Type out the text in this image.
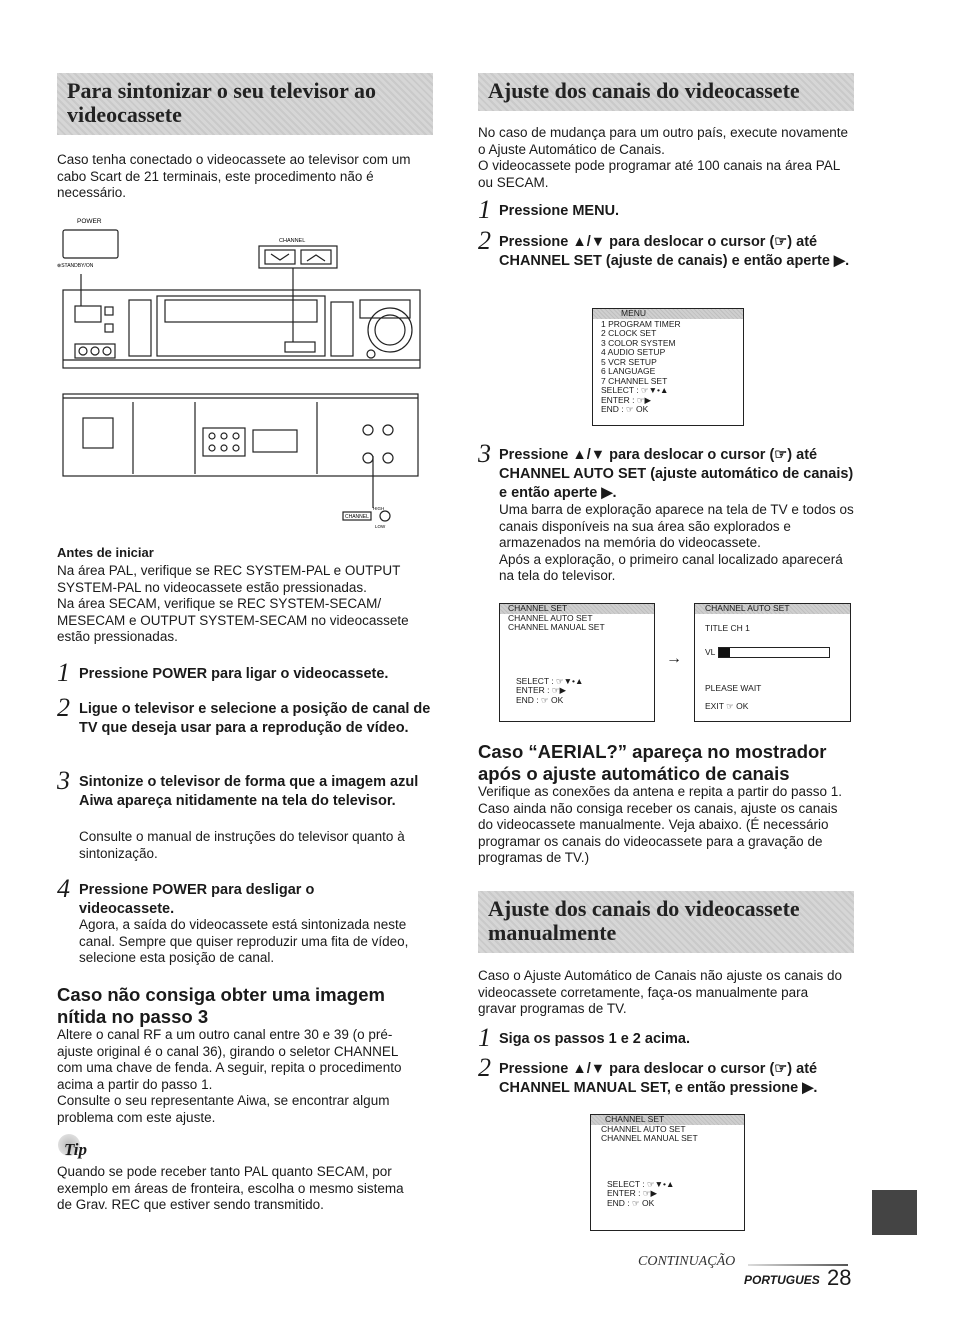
Para sintonizar o seu televisor ao videocassete
Caso tenha conectado o videocassete ao televisor com um cabo Scart de 21 terminais, este procedimento não é necessário.
POWER
⊗STANDBY/ON
CHANNEL
CHANNEL
HIGH
LOW
Antes de iniciar
Na área PAL, verifique se REC SYSTEM-PAL e OUTPUT SYSTEM-PAL no videocassete estão pressionadas.
Na área SECAM, verifique se REC SYSTEM-SECAM/ MESECAM e OUTPUT SYSTEM-SECAM no videocassete estão pressionadas.
1 Pressione POWER para ligar o videocassete.
2 Ligue o televisor e selecione a posição de canal de TV que deseja usar para a reprodução de vídeo.
3 Sintonize o televisor de forma que a imagem azul Aiwa apareça nitidamente na tela do televisor.
Consulte o manual de instruções do televisor quanto à sintonização.
4 Pressione POWER para desligar o videocassete.
Agora, a saída do videocassete está sintonizada neste canal. Sempre que quiser reproduzir uma fita de vídeo, selecione esta posição de canal.
Caso não consiga obter uma imagem nítida no passo 3
Altere o canal RF a um outro canal entre 30 e 39 (o pré-ajuste original é o canal 36), girando o seletor CHANNEL com uma chave de fenda. A seguir, repita o procedimento acima a partir do passo 1.
Consulte o seu representante Aiwa, se encontrar algum problema com este ajuste.
Tip
Quando se pode receber tanto PAL quanto SECAM, por exemplo em áreas de fronteira, escolha o mesmo sistema de Grav. REC que estiver sendo transmitido.
Ajuste dos canais do videocassete
No caso de mudança para um outro país, execute novamente o Ajuste Automático de Canais.
O videocassete pode programar até 100 canais na área PAL ou SECAM.
1 Pressione MENU.
2 Pressione ▲/▼ para deslocar o cursor (☞) até CHANNEL SET (ajuste de canais) e então aperte ▶.
MENU
1 PROGRAM TIMER
2 CLOCK SET
3 COLOR SYSTEM
4 AUDIO SETUP
5 VCR SETUP
6 LANGUAGE
7 CHANNEL SET
SELECT : ☞▼•▲
ENTER : ☞▶
END : ☞ OK
3 Pressione ▲/▼ para deslocar o cursor (☞) até CHANNEL AUTO SET (ajuste automático de canais) e então aperte ▶.
Uma barra de exploração aparece na tela de TV e todos os canais disponíveis na sua área são explorados e armazenados na memória do videocassete.
Após a exploração, o primeiro canal localizado aparecerá na tela do televisor.
CHANNEL SET
CHANNEL AUTO SET
CHANNEL MANUAL SET
SELECT : ☞▼•▲
ENTER : ☞▶
END : ☞ OK
→
CHANNEL AUTO SET
TITLE CH 1
VL
PLEASE WAIT
EXIT ☞ OK
Caso “AERIAL?” apareça no mostrador após o ajuste automático de canais
Verifique as conexões da antena e repita a partir do passo 1. Caso ainda não consiga receber os canais, ajuste os canais do videocassete manualmente. Veja abaixo. (É necessário programar os canais do videocassete para a gravação de programas de TV.)
Ajuste dos canais do videocassete manualmente
Caso o Ajuste Automático de Canais não ajuste os canais do videocassete corretamente, faça-os manualmente para gravar programas de TV.
1 Siga os passos 1 e 2 acima.
2 Pressione ▲/▼ para deslocar o cursor (☞) até CHANNEL MANUAL SET, e então pressione ▶.
CHANNEL SET
CHANNEL AUTO SET
CHANNEL MANUAL SET
SELECT : ☞▼•▲
ENTER : ☞▶
END : ☞ OK
CONTINUAÇÃO
PORTUGUES 28
